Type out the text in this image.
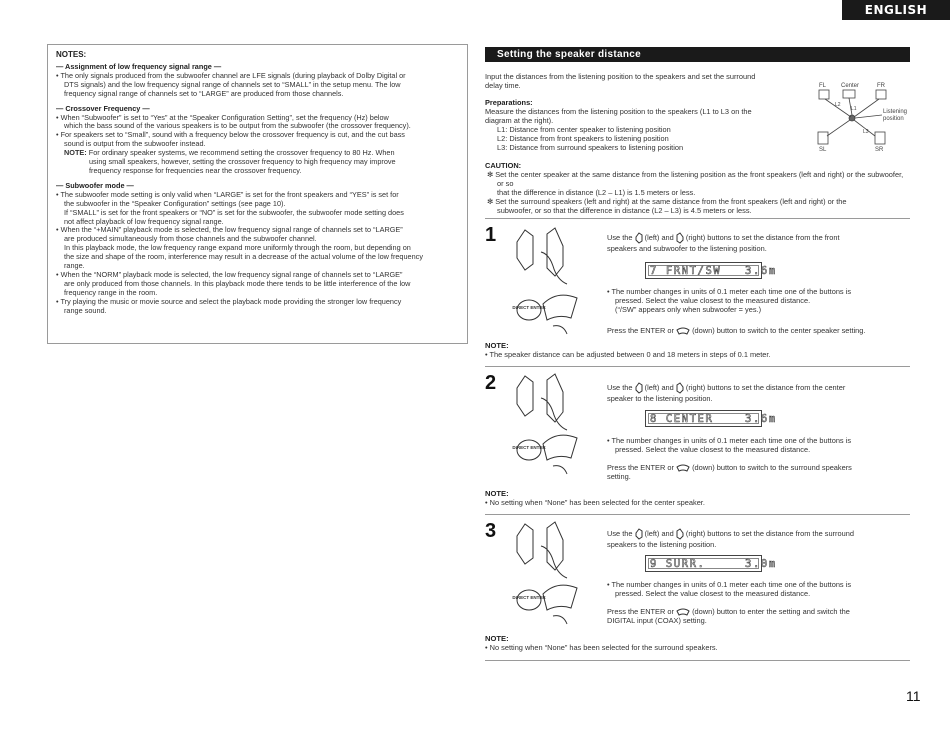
ENGLISH
NOTES:

— Assignment of low frequency signal range —

• The only signals produced from the subwoofer channel are LFE signals (during playback of Dolby Digital or

DTS signals) and the low frequency signal range of channels set to “SMALL” in the setup menu. The low

frequency signal range of channels set to “LARGE” are produced from those channels.

— Crossover Frequency —

• When “Subwoofer” is set to “Yes” at the “Speaker Configuration Setting”, set the frequency (Hz) below

which the bass sound of the various speakers is to be output from the subwoofer (the crossover frequency).

• For speakers set to “Small”, sound with a frequency below the crossover frequency is cut, and the cut bass

sound is output from the subwoofer instead.

NOTE: For ordinary speaker systems, we recommend setting the crossover frequency to 80 Hz. When

using small speakers, however, setting the crossover frequency to high frequency may improve

frequency response for frequencies near the crossover frequency.

— Subwoofer mode —

• The subwoofer mode setting is only valid when “LARGE” is set for the front speakers and “YES” is set for

the subwoofer in the “Speaker Configuration” settings (see page 10).

If “SMALL” is set for the front speakers or “NO” is set for the subwoofer, the subwoofer mode setting does

not affect playback of low frequency signal range.

• When the “+MAIN” playback mode is selected, the low frequency signal range of channels set to “LARGE”

are produced simultaneously from those channels and the subwoofer channel.

In this playback mode, the low frequency range expand more uniformly through the room, but depending on

the size and shape of the room, interference may result in a decrease of the actual volume of the low frequency

range.

• When the “NORM” playback mode is selected, the low frequency signal range of channels set to “LARGE”

are only produced from those channels. In this playback mode there tends to be little interference of the low

frequency range in the room.

• Try playing the music or movie source and select the playback mode providing the stronger low frequency

range sound.

Setting the speaker distance
Input the distances from the listening position to the speakers and set the surround
delay time.
Preparations:
Measure the distances from the listening position to the speakers (L1 to L3 on the
diagram at the right).
L1: Distance from center speaker to listening position
L2: Distance from front speakers to listening position
L3: Distance from surround speakers to listening position
CAUTION:
✻ Set the center speaker at the same distance from the listening position as the front speakers (left and right) or the subwoofer, or so
that the difference in distance (L2 – L1) is 1.5 meters or less.
✻ Set the surround speakers (left and right) at the same distance from the front speakers (left and right) or the
subwoofer, or so that the difference in distance (L2 – L3) is 4.5 meters or less.
FL Center	FR
Listening
position
SL	SR
L1
L2
L3
1
DIRECT ENTER

Use the (left) and (right) buttons to set the distance from the front

speakers and subwoofer to the listening position.

7 FRNT/SW   3.6m

• The number changes in units of 0.1 meter each time one of the buttons is

pressed. Select the value closest to the measured distance.

(“/SW” appears only when subwoofer = yes.)

Press the ENTER or (down) button to switch to the center speaker setting.

NOTE:
• The speaker distance can be adjusted between 0 and 18 meters in steps of 0.1 meter.
2
DIRECT ENTER

Use the (left) and (right) buttons to set the distance from the center

speaker to the listening position.

8 CENTER    3.6m

• The number changes in units of 0.1 meter each time one of the buttons is

pressed. Select the value closest to the measured distance.

Press the ENTER or (down) button to switch to the surround speakers

setting.

NOTE:
• No setting when “None” has been selected for the center speaker.
3
DIRECT ENTER

Use the (left) and (right) buttons to set the distance from the surround

speakers to the listening position.

9 SURR.     3.0m

• The number changes in units of 0.1 meter each time one of the buttons is

pressed. Select the value closest to the measured distance.

Press the ENTER or (down) button to enter the setting and switch the

DIGITAL input (COAX) setting.

NOTE:
• No setting when “None” has been selected for the surround speakers.
11
